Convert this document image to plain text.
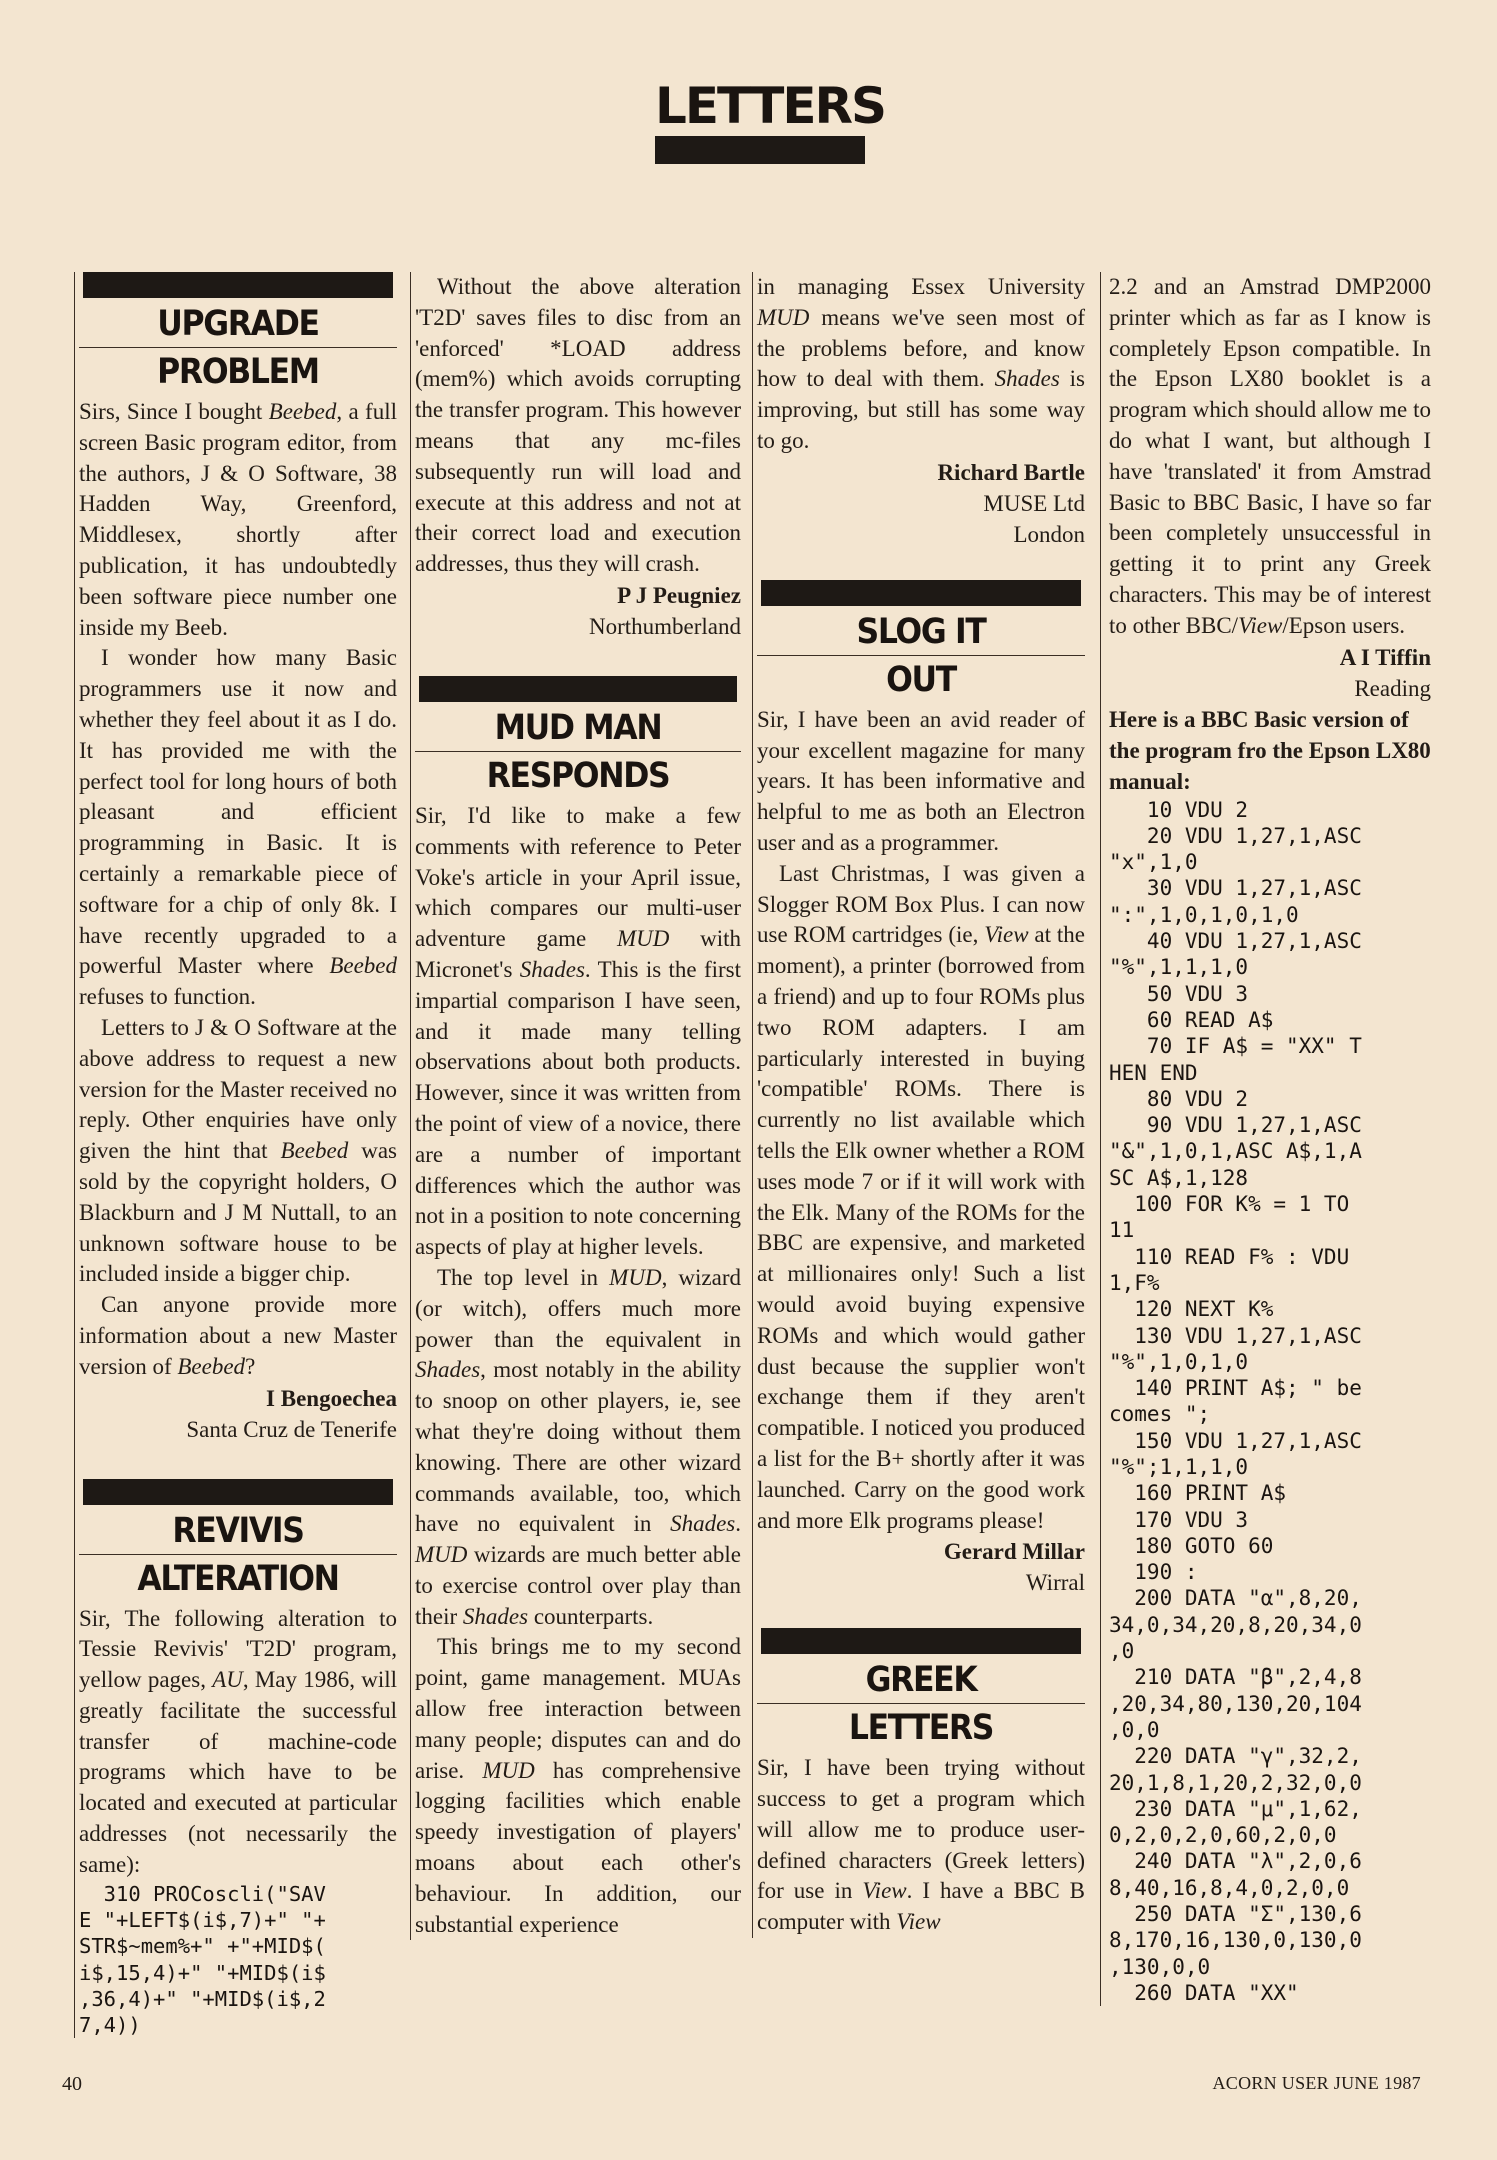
LETTERS
UPGRADE
PROBLEM

Sirs, Since I bought Beebed, a full screen Basic program editor, from the authors, J & O Software, 38 Hadden Way, Greenford, Middlesex, shortly after publication, it has undoubtedly been software piece number one inside my Beeb.

I wonder how many Basic programmers use it now and whether they feel about it as I do. It has provided me with the perfect tool for long hours of both pleasant and efficient programming in Basic. It is certainly a remarkable piece of software for a chip of only 8k. I have recently upgraded to a powerful Master where Beebed refuses to function.

Letters to J & O Software at the above address to request a new version for the Master received no reply. Other enquiries have only given the hint that Beebed was sold by the copyright holders, O Blackburn and J M Nuttall, to an unknown software house to be included inside a bigger chip.

Can anyone provide more information about a new Master version of Beebed?

I Bengoechea
Santa Cruz de Tenerife
REVIVIS
ALTERATION

Sir, The following alteration to Tessie Revivis' 'T2D' program, yellow pages, AU, May 1986, will greatly facilitate the successful transfer of machine-code programs which have to be located and executed at particular addresses (not necessarily the same):

310 PROCoscli("SAV
E "+LEFT$(i$,7)+" "+
STR$~mem%+" +"+MID$(
i$,15,4)+" "+MID$(i$
,36,4)+" "+MID$(i$,2
7,4))

Without the above alteration 'T2D' saves files to disc from an 'enforced' *LOAD address (mem%) which avoids corrupting the transfer program. This however means that any mc-files subsequently run will load and execute at this address and not at their correct load and execution addresses, thus they will crash.

P J Peugniez
Northumberland
MUD MAN
RESPONDS

Sir, I'd like to make a few comments with reference to Peter Voke's article in your April issue, which compares our multi-user adventure game MUD with Micronet's Shades. This is the first impartial comparison I have seen, and it made many telling observations about both products. However, since it was written from the point of view of a novice, there are a number of important differences which the author was not in a position to note concerning aspects of play at higher levels.

The top level in MUD, wizard (or witch), offers much more power than the equivalent in Shades, most notably in the ability to snoop on other players, ie, see what they're doing without them knowing. There are other wizard commands available, too, which have no equivalent in Shades. MUD wizards are much better able to exercise control over play than their Shades counterparts.

This brings me to my second point, game management. MUAs allow free interaction between many people; disputes can and do arise. MUD has comprehensive logging facilities which enable speedy investigation of players' moans about each other's behaviour. In addition, our substantial experience

in managing Essex University MUD means we've seen most of the problems before, and know how to deal with them. Shades is improving, but still has some way to go.

Richard Bartle
MUSE Ltd
London
SLOG IT
OUT

Sir, I have been an avid reader of your excellent magazine for many years. It has been informative and helpful to me as both an Electron user and as a programmer.

Last Christmas, I was given a Slogger ROM Box Plus. I can now use ROM cartridges (ie, View at the moment), a printer (borrowed from a friend) and up to four ROMs plus two ROM adapters. I am particularly interested in buying 'compatible' ROMs. There is currently no list available which tells the Elk owner whether a ROM uses mode 7 or if it will work with the Elk. Many of the ROMs for the BBC are expensive, and marketed at millionaires only! Such a list would avoid buying expensive ROMs and which would gather dust because the supplier won't exchange them if they aren't compatible. I noticed you produced a list for the B+ shortly after it was launched. Carry on the good work and more Elk programs please!

Gerard Millar
Wirral
GREEK
LETTERS

Sir, I have been trying without success to get a program which will allow me to produce user-defined characters (Greek letters) for use in View. I have a BBC B computer with View

2.2 and an Amstrad DMP2000 printer which as far as I know is completely Epson compatible. In the Epson LX80 booklet is a program which should allow me to do what I want, but although I have 'translated' it from Amstrad Basic to BBC Basic, I have so far been completely unsuccessful in getting it to print any Greek characters. This may be of interest to other BBC/View/Epson users.

A I Tiffin
Reading

Here is a BBC Basic version of the program fro the Epson LX80 manual:

10 VDU 2
20 VDU 1,27,1,ASC
"x",1,0
30 VDU 1,27,1,ASC
":",1,0,1,0,1,0
40 VDU 1,27,1,ASC
"%",1,1,1,0
50 VDU 3
60 READ A$
70 IF A$ = "XX" T
HEN END
80 VDU 2
90 VDU 1,27,1,ASC
"&",1,0,1,ASC A$,1,A
SC A$,1,128
100 FOR K% = 1 TO
11
110 READ F% : VDU
1,F%
120 NEXT K%
130 VDU 1,27,1,ASC
"%",1,0,1,0
140 PRINT A$; " be
comes ";
150 VDU 1,27,1,ASC
"%";1,1,1,0
160 PRINT A$
170 VDU 3
180 GOTO 60
190 :
200 DATA "α",8,20,
34,0,34,20,8,20,34,0
,0
210 DATA "β",2,4,8
,20,34,80,130,20,104
,0,0
220 DATA "γ",32,2,
20,1,8,1,20,2,32,0,0
230 DATA "μ",1,62,
0,2,0,2,0,60,2,0,0
240 DATA "λ",2,0,6
8,40,16,8,4,0,2,0,0
250 DATA "Σ",130,6
8,170,16,130,0,130,0
,130,0,0
260 DATA "XX"
40	ACORN USER JUNE 1987
